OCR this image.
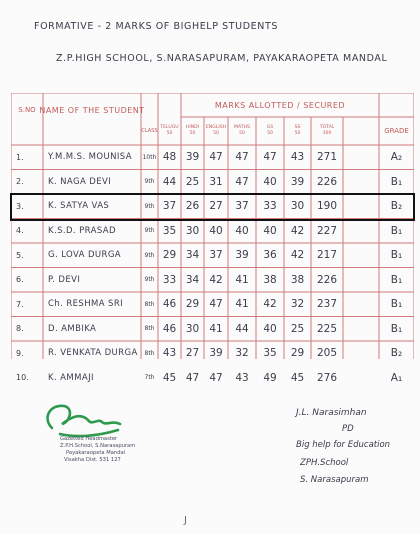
FORMATIVE - 2 MARKS OF BIGHELP STUDENTS
Z.P.HIGH SCHOOL, S.NARASAPURAM, PAYAKARAOPETA MANDAL
S.NO NAME OF THE STUDENT
CLASS
MARKS ALLOTTED / SECURED
GRADE
TELUGU
50
HINDI
50
ENGLISH
50
MATHS
50
GS
50
SS
50
TOTAL
300
1.	Y.M.M.S. MOUNISA	10th 48 39 47	47	47	43	271	A₂
2.	K. NAGA DEVI	9th 44 25 31	47	40	39	226	B₁
3.	K. SATYA VAS	9th 37 26 27	37	33	30	190	B₂
4.	K.S.D. PRASAD	9th 35 30 40	40	40	42	227	B₁
5.	G. LOVA DURGA	9th 29 34 37	39	36	42	217	B₁
6.	P. DEVI	9th 33 34 42	41	38	38	226	B₁
7.	Ch. RESHMA SRI	8th 46 29 47	41	42	32	237	B₁
8.	D. AMBIKA	8th 46 30 41	44	40	25	225	B₁
9.	R. VENKATA DURGA	8th 43 27 39	32	35	29	205	B₂
10.	K. AMMAJI	7th 45 47 47	43	49	45	276	A₁
Gazetted Headmaster
Z.P.H.School, S.Narasapuram
Payakaraopeta Mandal
Visakha Dist. 531 127
J.L. Narasimhan
PD
Big help for Education
ZPH.School
S. Narasapuram
J
